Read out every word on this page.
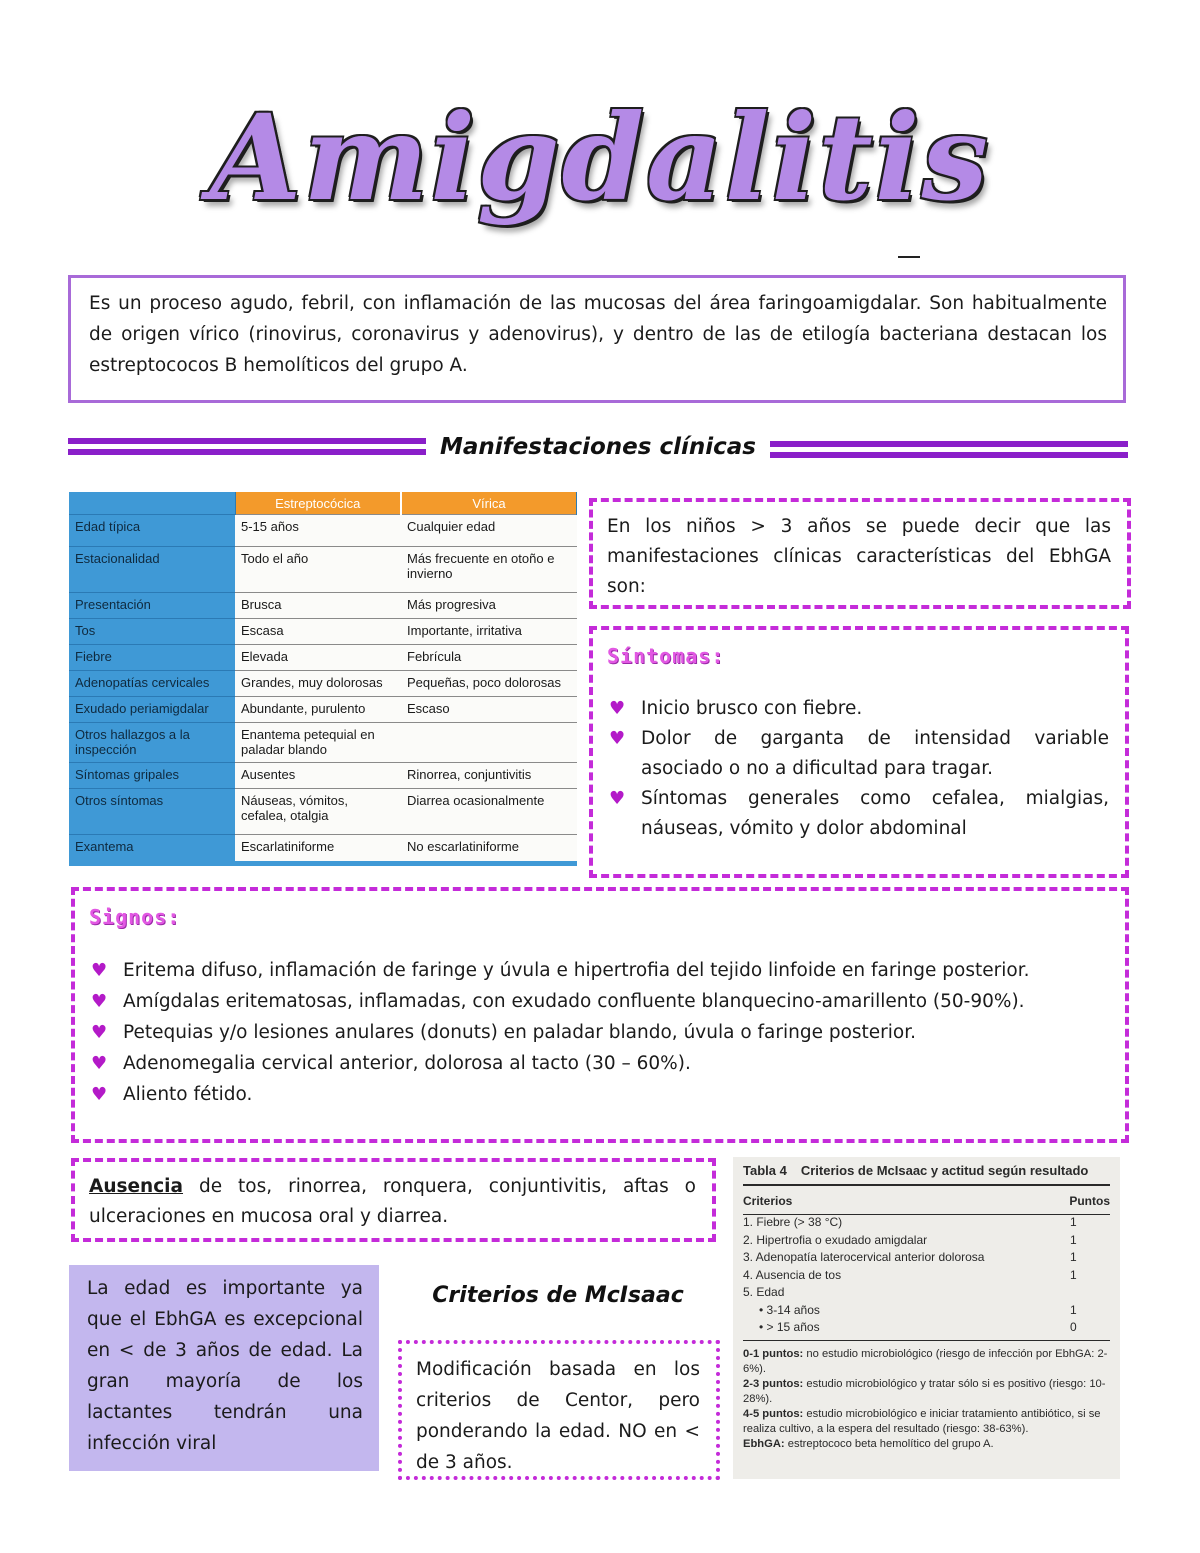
Amigdalitis
Es un proceso agudo, febril, con inflamación de las mucosas del área faringoamigdalar. Son habitualmente de origen vírico (rinovirus, coronavirus y adenovirus), y dentro de las de etilogía bacteriana destacan los estreptococos B hemolíticos del grupo A.
Manifestaciones clínicas
	Estreptocócica	Vírica
Edad típica	5-15 años	Cualquier edad
Estacionalidad	Todo el año	Más frecuente en otoño e invierno
Presentación	Brusca	Más progresiva
Tos	Escasa	Importante, irritativa
Fiebre	Elevada	Febrícula
Adenopatías cervicales	Grandes, muy dolorosas	Pequeñas, poco dolorosas
Exudado periamigdalar	Abundante, purulento	Escaso
Otros hallazgos a la inspección	Enantema petequial en paladar blando	
Síntomas gripales	Ausentes	Rinorrea, conjuntivitis
Otros síntomas	Náuseas, vómitos, cefalea, otalgia	Diarrea ocasionalmente
Exantema	Escarlatiniforme	No escarlatiniforme
En los niños > 3 años se puede decir que las manifestaciones clínicas características del EbhGA son:
Síntomas:
♥ Inicio brusco con fiebre.
♥ Dolor de garganta de intensidad variable asociado o no a dificultad para tragar.
♥ Síntomas generales como cefalea, mialgias, náuseas, vómito y dolor abdominal
Signos:
♥ Eritema difuso, inflamación de faringe y úvula e hipertrofia del tejido linfoide en faringe posterior.
♥ Amígdalas eritematosas, inflamadas, con exudado confluente blanquecino-amarillento (50-90%).
♥ Petequias y/o lesiones anulares (donuts) en paladar blando, úvula o faringe posterior.
♥ Adenomegalia cervical anterior, dolorosa al tacto (30 – 60%).
♥ Aliento fétido.
Ausencia de tos, rinorrea, ronquera, conjuntivitis, aftas o ulceraciones en mucosa oral y diarrea.
La edad es importante ya que el EbhGA es excepcional en < de 3 años de edad. La gran mayoría de los lactantes tendrán una infección viral
Criterios de McIsaac
Modificación basada en los criterios de Centor, pero ponderando la edad. NO en < de 3 años.
Tabla 4 Criterios de McIsaac y actitud según resultado
Criterios	Puntos
1. Fiebre (> 38 °C)	1
2. Hipertrofia o exudado amigdalar	1
3. Adenopatía laterocervical anterior dolorosa	1
4. Ausencia de tos	1
5. Edad
• 3-14 años	1
• > 15 años	0
0-1 puntos: no estudio microbiológico (riesgo de infección por EbhGA: 2-6%).
2-3 puntos: estudio microbiológico y tratar sólo si es positivo (riesgo: 10-28%).
4-5 puntos: estudio microbiológico e iniciar tratamiento antibiótico, si se realiza cultivo, a la espera del resultado (riesgo: 38-63%).
EbhGA: estreptococo beta hemolítico del grupo A.
